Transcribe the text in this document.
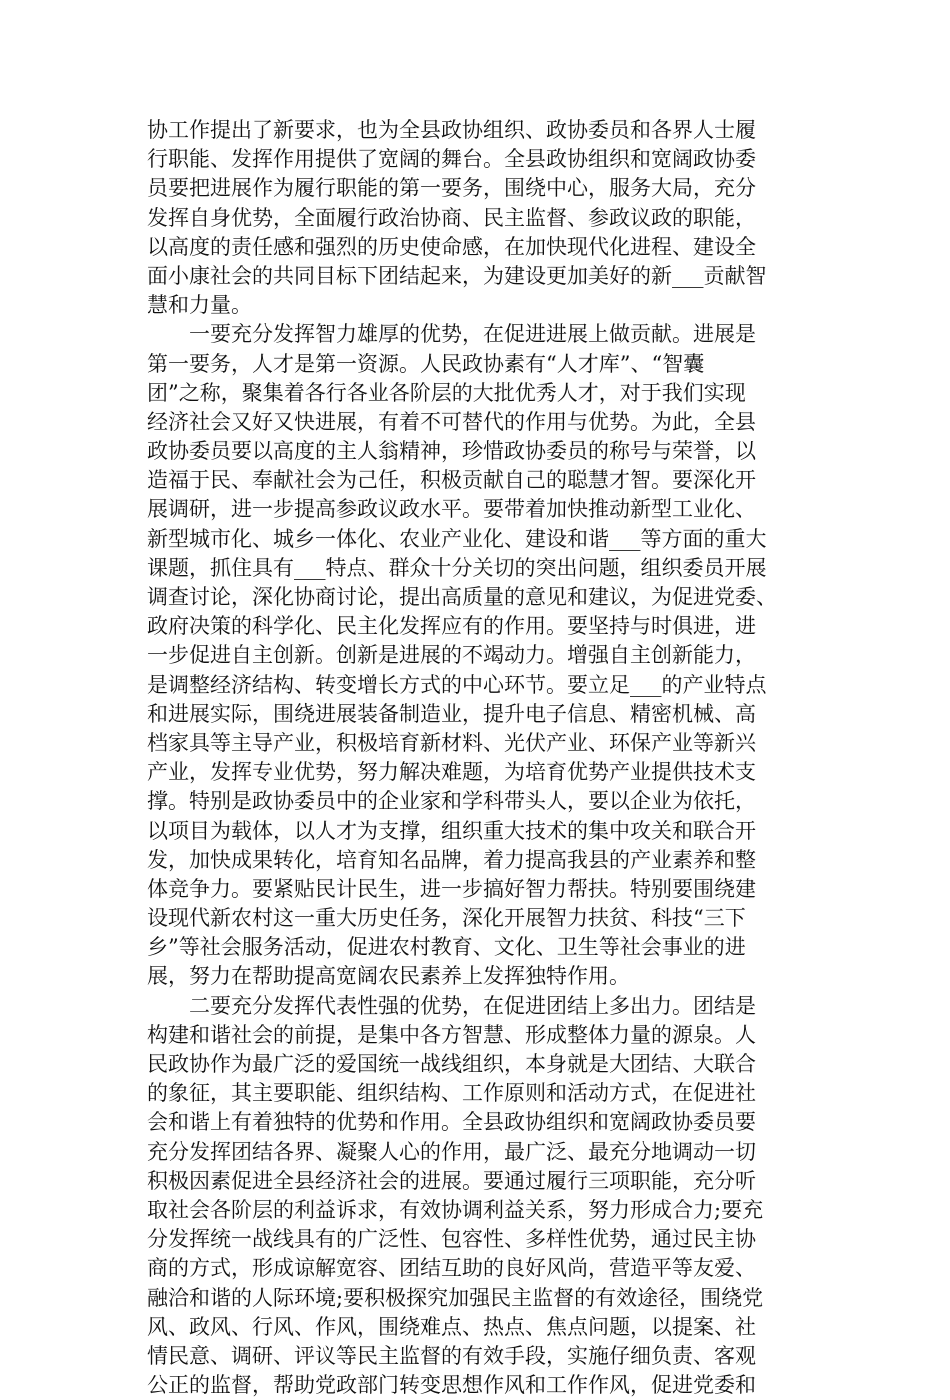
协工作提出了新要求，也为全县政协组织、政协委员和各界人士履
行职能、发挥作用提供了宽阔的舞台。全县政协组织和宽阔政协委
员要把进展作为履行职能的第一要务，围绕中心，服务大局，充分
发挥自身优势，全面履行政治协商、民主监督、参政议政的职能，
以高度的责任感和强烈的历史使命感，在加快现代化进程、建设全
面小康社会的共同目标下团结起来，为建设更加美好的新___贡献智
慧和力量。
　　一要充分发挥智力雄厚的优势，在促进进展上做贡献。进展是
第一要务，人才是第一资源。人民政协素有“人才库”、“智囊
团”之称，聚集着各行各业各阶层的大批优秀人才，对于我们实现
经济社会又好又快进展，有着不可替代的作用与优势。为此，全县
政协委员要以高度的主人翁精神，珍惜政协委员的称号与荣誉，以
造福于民、奉献社会为己任，积极贡献自己的聪慧才智。要深化开
展调研，进一步提高参政议政水平。要带着加快推动新型工业化、
新型城市化、城乡一体化、农业产业化、建设和谐___等方面的重大
课题，抓住具有___特点、群众十分关切的突出问题，组织委员开展
调查讨论，深化协商讨论，提出高质量的意见和建议，为促进党委、
政府决策的科学化、民主化发挥应有的作用。要坚持与时俱进，进
一步促进自主创新。创新是进展的不竭动力。增强自主创新能力，
是调整经济结构、转变增长方式的中心环节。要立足___的产业特点
和进展实际，围绕进展装备制造业，提升电子信息、精密机械、高
档家具等主导产业，积极培育新材料、光伏产业、环保产业等新兴
产业，发挥专业优势，努力解决难题，为培育优势产业提供技术支
撑。特别是政协委员中的企业家和学科带头人，要以企业为依托，
以项目为载体，以人才为支撑，组织重大技术的集中攻关和联合开
发，加快成果转化，培育知名品牌，着力提高我县的产业素养和整
体竞争力。要紧贴民计民生，进一步搞好智力帮扶。特别要围绕建
设现代新农村这一重大历史任务，深化开展智力扶贫、科技“三下
乡”等社会服务活动，促进农村教育、文化、卫生等社会事业的进
展，努力在帮助提高宽阔农民素养上发挥独特作用。
　　二要充分发挥代表性强的优势，在促进团结上多出力。团结是
构建和谐社会的前提，是集中各方智慧、形成整体力量的源泉。人
民政协作为最广泛的爱国统一战线组织，本身就是大团结、大联合
的象征，其主要职能、组织结构、工作原则和活动方式，在促进社
会和谐上有着独特的优势和作用。全县政协组织和宽阔政协委员要
充分发挥团结各界、凝聚人心的作用，最广泛、最充分地调动一切
积极因素促进全县经济社会的进展。要通过履行三项职能，充分听
取社会各阶层的利益诉求，有效协调利益关系，努力形成合力;要充
分发挥统一战线具有的广泛性、包容性、多样性优势，通过民主协
商的方式，形成谅解宽容、团结互助的良好风尚，营造平等友爱、
融洽和谐的人际环境;要积极探究加强民主监督的有效途径，围绕党
风、政风、行风、作风，围绕难点、热点、焦点问题，以提案、社
情民意、调研、评议等民主监督的有效手段，实施仔细负责、客观
公正的监督，帮助党政部门转变思想作风和工作作风，促进党委和
